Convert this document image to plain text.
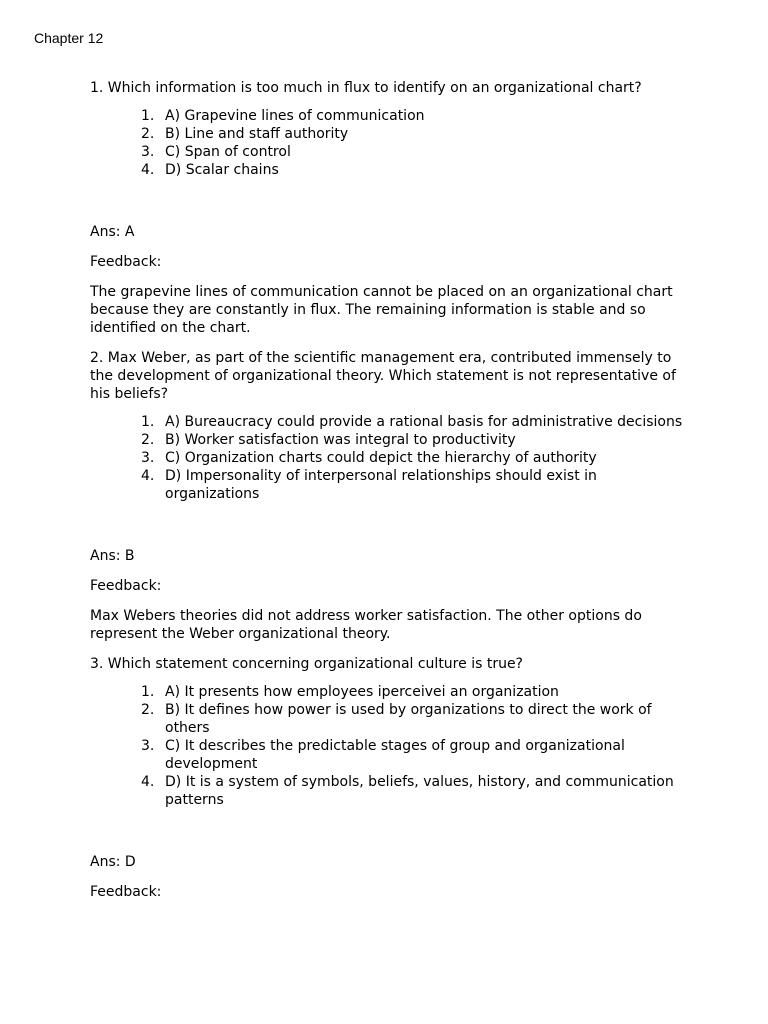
Chapter 12

1. Which information is too much in flux to identify on an organizational chart?

1. A) Grapevine lines of communication
2. B) Line and staff authority
3. C) Span of control
4. D) Scalar chains

Ans: A

Feedback:

The grapevine lines of communication cannot be placed on an organizational chart because they are constantly in flux. The remaining information is stable and so identified on the chart.

2. Max Weber, as part of the scientific management era, contributed immensely to the development of organizational theory. Which statement is not representative of his beliefs?

1. A) Bureaucracy could provide a rational basis for administrative decisions
2. B) Worker satisfaction was integral to productivity
3. C) Organization charts could depict the hierarchy of authority
4. D) Impersonality of interpersonal relationships should exist in organizations

Ans: B

Feedback:

Max Webers theories did not address worker satisfaction. The other options do represent the Weber organizational theory.

3. Which statement concerning organizational culture is true?

1. A) It presents how employees iperceivei an organization
2. B) It defines how power is used by organizations to direct the work of others
3. C) It describes the predictable stages of group and organizational development
4. D) It is a system of symbols, beliefs, values, history, and communication patterns

Ans: D

Feedback:
